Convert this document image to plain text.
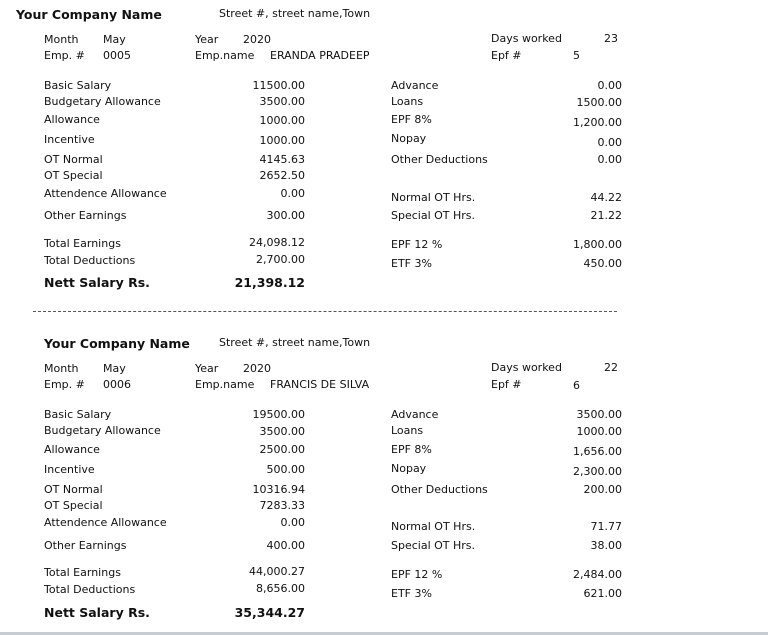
Your Company Name	Street #, street name,Town
Month May	Year 2020	Days worked	23
Emp. # 0005	Emp.name ERANDA PRADEEP	Epf #	5
Basic Salary	11500.00
Budgetary Allowance	3500.00
Allowance	1000.00
Incentive	1000.00
OT Normal	4145.63
OT Special	2652.50
Attendence Allowance	0.00
Other Earnings	300.00
Advance	0.00
Loans	1500.00
EPF 8%	1,200.00
Nopay	0.00
Other Deductions	0.00
Normal OT Hrs.	44.22
Special OT Hrs.	21.22
Total Earnings	24,098.12
Total Deductions	2,700.00
EPF 12 %	1,800.00
ETF 3%	450.00
Nett Salary Rs.	21,398.12
Your Company Name	Street #, street name,Town
Month May	Year 2020	Days worked	22
Emp. # 0006	Emp.name FRANCIS DE SILVA	Epf #	6
Basic Salary	19500.00
Budgetary Allowance	3500.00
Allowance	2500.00
Incentive	500.00
OT Normal	10316.94
OT Special	7283.33
Attendence Allowance	0.00
Other Earnings	400.00
Advance	3500.00
Loans	1000.00
EPF 8%	1,656.00
Nopay	2,300.00
Other Deductions	200.00
Normal OT Hrs.	71.77
Special OT Hrs.	38.00
Total Earnings	44,000.27
Total Deductions	8,656.00
EPF 12 %	2,484.00
ETF 3%	621.00
Nett Salary Rs.	35,344.27
